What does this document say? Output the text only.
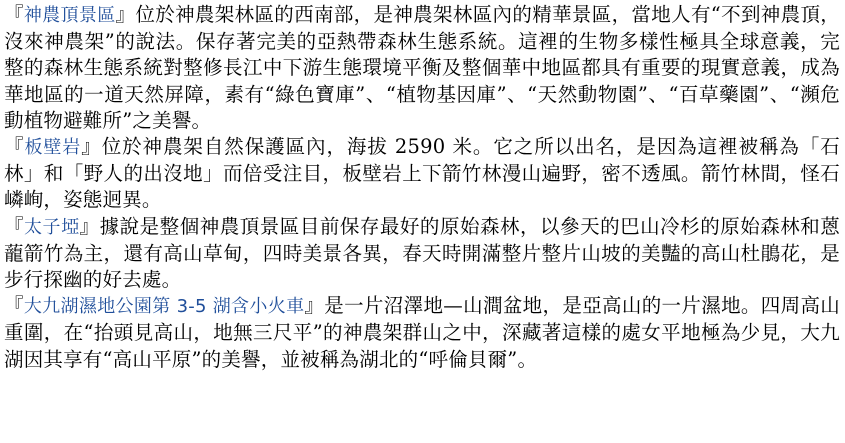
『神農頂景區』位於神農架林區的西南部，是神農架林區內的精華景區，當地人有“不到神農頂，沒來神農架”的說法。保存著完美的亞熱帶森林生態系統。這裡的生物多樣性極具全球意義，完整的森林生態系統對整修長江中下游生態環境平衡及整個華中地區都具有重要的現實意義，成為華地區的一道天然屏障，素有“綠色寶庫”、“植物基因庫”、“天然動物園”、“百草藥園”、“瀕危動植物避難所”之美譽。

『板壁岩』位於神農架自然保護區內，海拔 2590 米。它之所以出名，是因為這裡被稱為「石林」和「野人的出沒地」而倍受注目，板壁岩上下箭竹林漫山遍野，密不透風。箭竹林間，怪石嶙峋，姿態迥異。

『太子埡』據說是整個神農頂景區目前保存最好的原始森林，以參天的巴山冷杉的原始森林和蒽蘢箭竹為主，還有高山草甸，四時美景各異，春天時開滿整片整片山坡的美豔的高山杜鵑花，是步行探幽的好去處。

『大九湖濕地公園第 3-5 湖含小火車』是一片沼澤地—山澗盆地，是亞高山的一片濕地。四周高山重圍，在“抬頭見高山，地無三尺平”的神農架群山之中，深藏著這樣的處女平地極為少見，大九湖因其享有“高山平原”的美譽，並被稱為湖北的“呼倫貝爾”。
